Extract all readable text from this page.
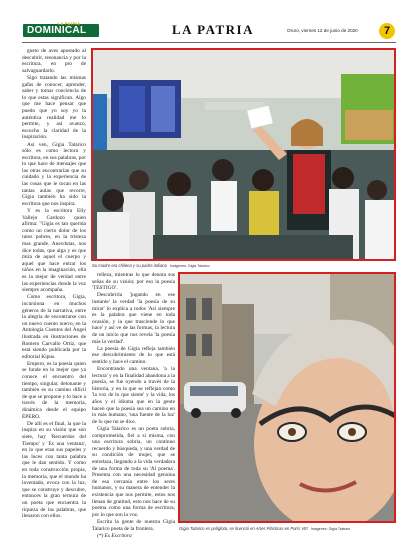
DOMINICAL
LA PATRIA	LA PATRIA	Oruro, viernes 12 de junio de 2020	7

gusto de aves apostado al descubrir, resonancia y por la escritura, en pro de salvaguardarlo.

Sigo tratando las mismas gafas de conocer, aprender, saber y tomar conciencia de lo que estas significan. Algo que me hace pensar que puedo que yo soy yo la auténtica realidad me lo permite, y así avanzo, escucho la claridad de la inspiración.

Así ven, Gigia Talarico sólo es como lectora y escritora, en sus palabras, por lo que hace de mensajes que las otras encontrarían que su cuidado y la experiencia de las cosas que le tocan en las tantas aulas que recorre, Gigia también ha sido la escritora que nos inspira.

Y es la escritora Elly Vallejo Cardozo quien afirma: "Gigia es tan querida como un cierto dolor de los ratos pobres, en la tristeza mas grande. Anecdotas, nos dice todas, que alga y es que mira de aquel el cuerpo y aquel que hace entrar los niños en la imaginación, ella es la mejor de verdad entre las experiencias donde la voz siempre acompaña.

Como escritora, Gigia, incursiona en muchos géneros de la narrativa, entre la alegría de encontrarse con un nuevo cuento nuevo, en la Antología Cuentos del Ángel ilustrada en ilustraciones de Romero Carvallo Ortiz, que está siendo publicada por la editorial Kipus.

Empero, es la poesía quien se funde en lo mejor que ya conoce el encuentro del tiempo, singular, detonante y también es su camino difícil de que se propone y lo hace a través de la memoria, dinámica desde el equipo ÉPERO.

De allí es el final, la que la inspira en su visión que son siete, hay 'Recuerdos del Tiempo' y 'Es una ventana', en lo que eran sus papeles y las luces con tanta palabra que le dan sentido. Y como en toda construcción propia, la memoria, que el mundo ha inventado, evoca con la luz, que se construye y descubre, entonces la gran ternura de un poeta que encuentra la riqueza de las palabras, que llenaron con ellos.

Su madre era chilena y su padre italiano Imágenes: Gigia Talarico

relleza, mientras lo que denota sus señas de su visión; por eso la poesía 'TESTIGO'.

Descubrirla 'jugando en ese instante' la verdad 'la poesía de su mirar' lo explica a todos 'Así siempre es la palabra que viene en toda ocasión, y la que trasciende lo que hace' y así ve de las formas, la lectura de un inicio que nos revela 'la poesía más la verdad'.

La poesía de Gigia refleja también ese descubrimiento de lo que está sentido y hace el camino.

Encontrando una ventana, 'a la lectura' y en la finalidad abandona a la poesía, se fue oyendo a través de la historia, y en la que se reflejan como 'la voz de lo que siente' y la vida, los años y el idioma que en la gente hacen que la poesía sea un camino en lo más humano, 'una fuente de la luz' de lo que no se dice.

Gigia Talarico es un poeta sobria, comprometida, fiel a sí misma, con una escritura sobria, un continuo recuerdo y búsqueda, y una verdad de su condición de mujer, que se entrelaza, llegando a la vida verdadera de una forma de toda su 'Al poema'. Presenta con una necesidad genuina de esa cercanía entre los seres humanos, y su manera de entender la existencia que nos permite, estos nos llenan de gratitud, esto nos hace de su poema como una forma de escritura, por lo que son la voz.

Escrita la gente de nuestra Gigia Talarico poeta de la frontera.

(*) Es Escritora

Gigia Talarico es políglota, se licenció en Artes Plásticas en París VIII Imágenes: Gigia Talarico
